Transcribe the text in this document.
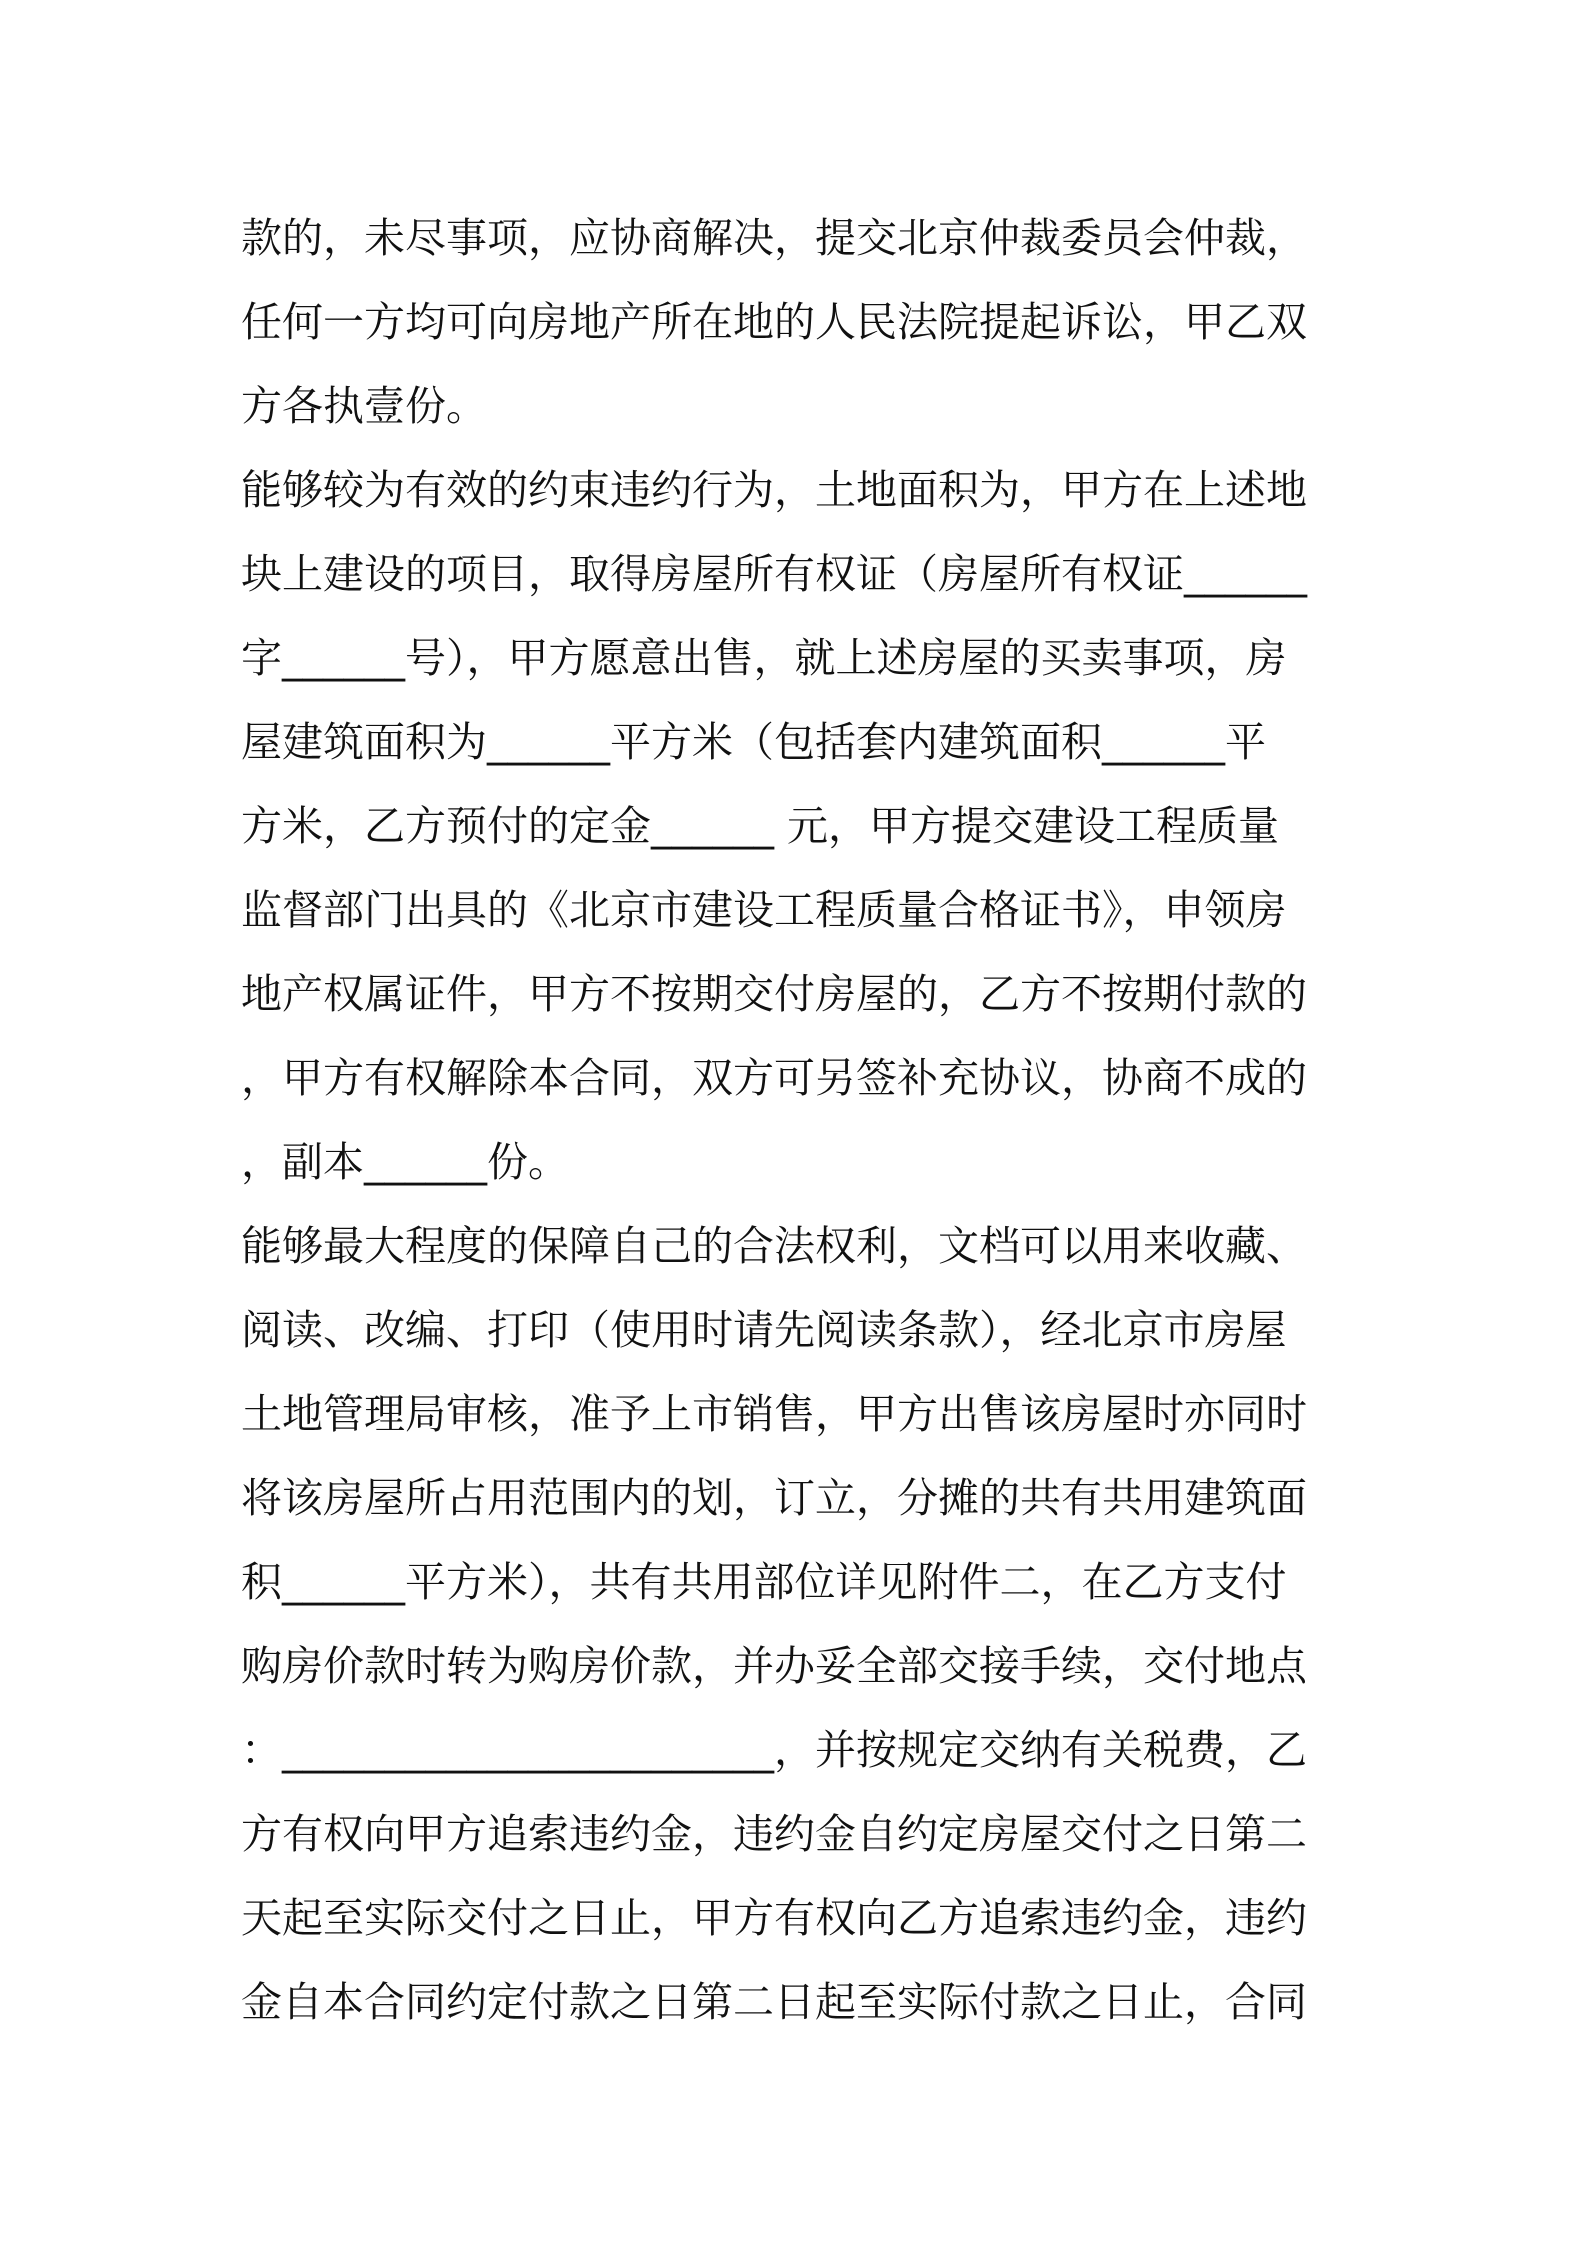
款的，未尽事项，应协商解决，提交北京仲裁委员会仲裁，
任何一方均可向房地产所在地的人民法院提起诉讼，甲乙双
方各执壹份。
能够较为有效的约束违约行为，土地面积为，甲方在上述地
块上建设的项目，取得房屋所有权证（房屋所有权证______
字______号），甲方愿意出售，就上述房屋的买卖事项，房
屋建筑面积为______平方米（包括套内建筑面积______平
方米，乙方预付的定金______ 元，甲方提交建设工程质量
监督部门出具的《北京市建设工程质量合格证书》，申领房
地产权属证件，甲方不按期交付房屋的，乙方不按期付款的
，甲方有权解除本合同，双方可另签补充协议，协商不成的
，副本______份。
能够最大程度的保障自己的合法权利，文档可以用来收藏、
阅读、改编、打印（使用时请先阅读条款），经北京市房屋
土地管理局审核，准予上市销售，甲方出售该房屋时亦同时
将该房屋所占用范围内的划，订立，分摊的共有共用建筑面
积______平方米），共有共用部位详见附件二，在乙方支付
购房价款时转为购房价款，并办妥全部交接手续，交付地点
：________________________，并按规定交纳有关税费，乙
方有权向甲方追索违约金，违约金自约定房屋交付之日第二
天起至实际交付之日止，甲方有权向乙方追索违约金，违约
金自本合同约定付款之日第二日起至实际付款之日止，合同
